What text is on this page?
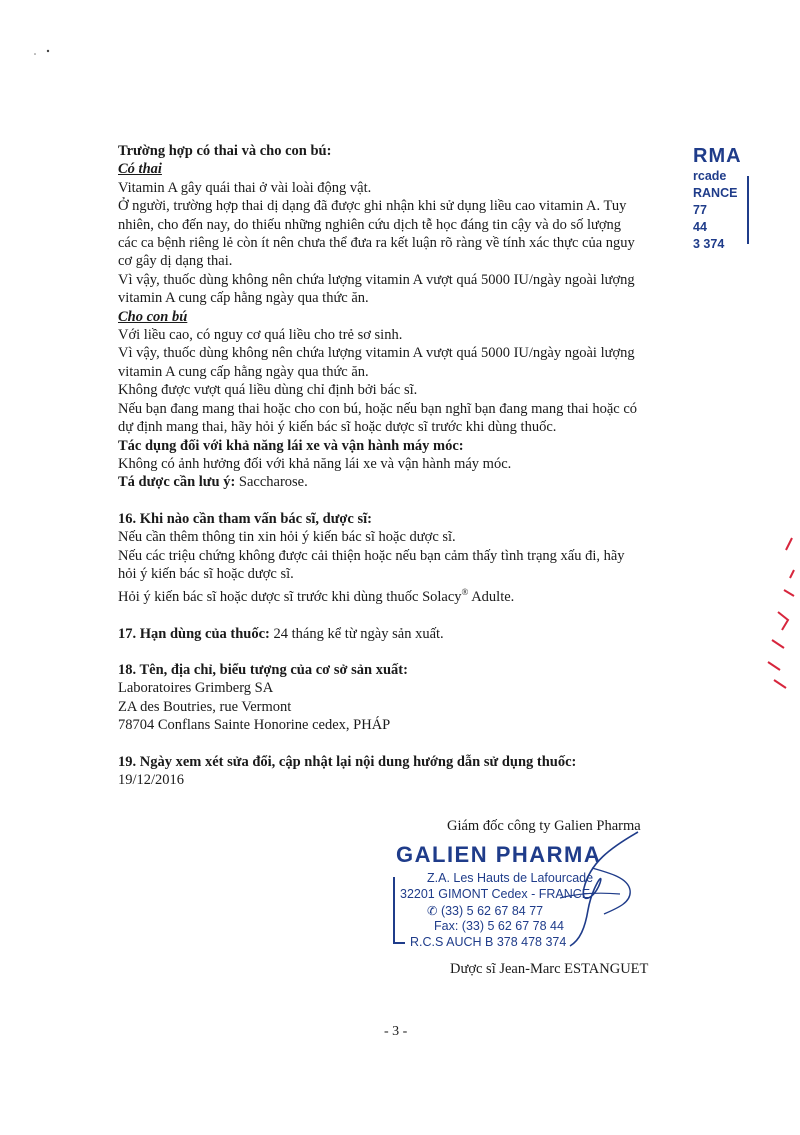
Trường hợp có thai và cho con bú:

Có thai

Vitamin A gây quái thai ở vài loài động vật.

Ở người, trường hợp thai dị dạng đã được ghi nhận khi sử dụng liều cao vitamin A. Tuy

nhiên, cho đến nay, do thiếu những nghiên cứu dịch tễ học đáng tin cậy và do số lượng

các ca bệnh riêng lẻ còn ít nên chưa thể đưa ra kết luận rõ ràng về tính xác thực của nguy

cơ gây dị dạng thai.

Vì vậy, thuốc dùng không nên chứa lượng vitamin A vượt quá 5000 IU/ngày ngoài lượng

vitamin A cung cấp hằng ngày qua thức ăn.

Cho con bú

Với liều cao, có nguy cơ quá liều cho trẻ sơ sinh.

Vì vậy, thuốc dùng không nên chứa lượng vitamin A vượt quá 5000 IU/ngày ngoài lượng

vitamin A cung cấp hằng ngày qua thức ăn.

Không được vượt quá liều dùng chỉ định bởi bác sĩ.

Nếu bạn đang mang thai hoặc cho con bú, hoặc nếu bạn nghĩ bạn đang mang thai hoặc có

dự định mang thai, hãy hỏi ý kiến bác sĩ hoặc dược sĩ trước khi dùng thuốc.

Tác dụng đối với khả năng lái xe và vận hành máy móc:

Không có ảnh hưởng đối với khả năng lái xe và vận hành máy móc.

Tá dược cần lưu ý: Saccharose.

16. Khi nào cần tham vấn bác sĩ, dược sĩ:

Nếu cần thêm thông tin xin hỏi ý kiến bác sĩ hoặc dược sĩ.

Nếu các triệu chứng không được cải thiện hoặc nếu bạn cảm thấy tình trạng xấu đi, hãy

hỏi ý kiến bác sĩ hoặc dược sĩ.

Hỏi ý kiến bác sĩ hoặc dược sĩ trước khi dùng thuốc Solacy® Adulte.

17. Hạn dùng của thuốc: 24 tháng kể từ ngày sản xuất.

18. Tên, địa chỉ, biểu tượng của cơ sở sản xuất:

Laboratoires Grimberg SA

ZA des Boutries, rue Vermont

78704 Conflans Sainte Honorine cedex, PHÁP

19. Ngày xem xét sửa đổi, cập nhật lại nội dung hướng dẫn sử dụng thuốc:

19/12/2016

RMA
rcade
RANCE
77
44
3 374
Giám đốc công ty Galien Pharma
GALIEN PHARMA
Z.A. Les Hauts de Lafourcade
32201 GIMONT Cedex - FRANCE
✆ (33) 5 62 67 84 77
Fax: (33) 5 62 67 78 44
R.C.S AUCH B 378 478 374
Dược sĩ Jean-Marc ESTANGUET
- 3 -
